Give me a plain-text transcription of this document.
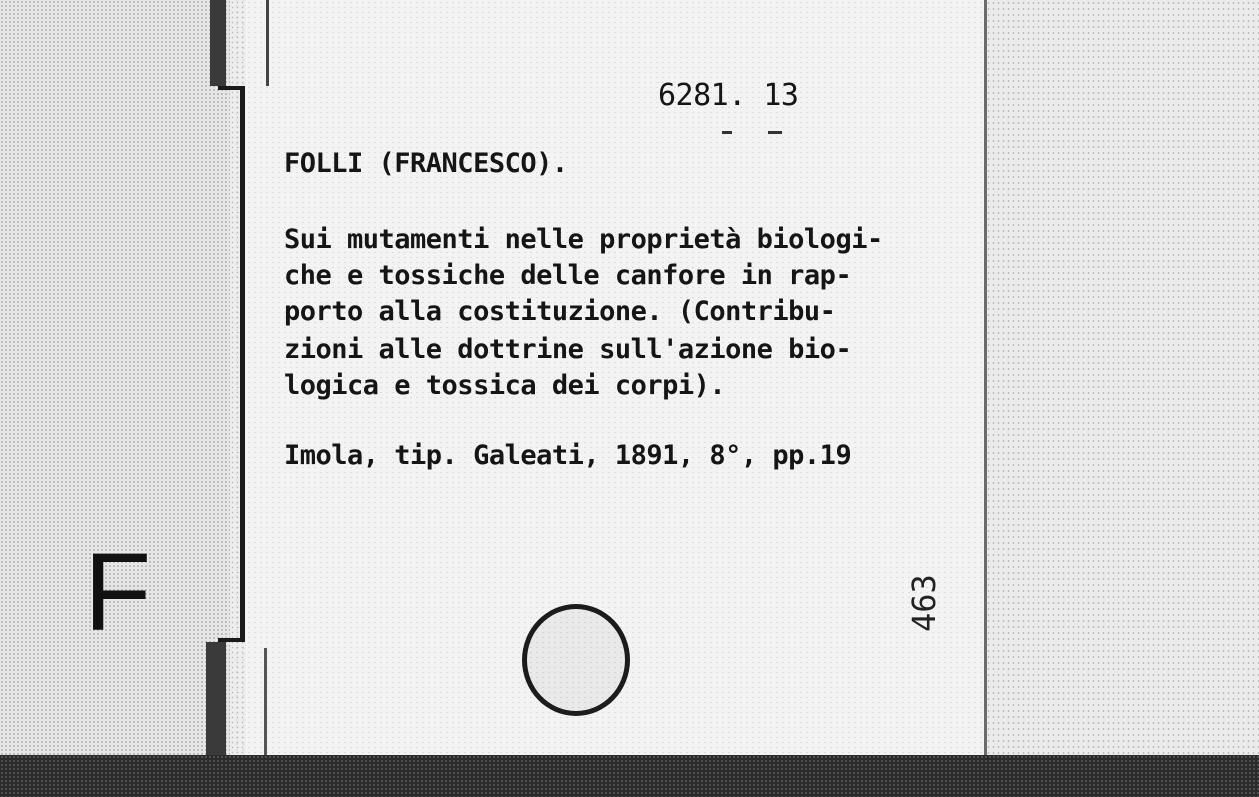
6281. 13
FOLLI (FRANCESCO).
Sui mutamenti nelle proprietà biologi-
che e tossiche delle canfore in rap-
porto alla costituzione. (Contribu-
zioni alle dottrine sull'azione bio-
logica e tossica dei corpi).
Imola, tip. Galeati, 1891, 8°, pp.19
F	463
